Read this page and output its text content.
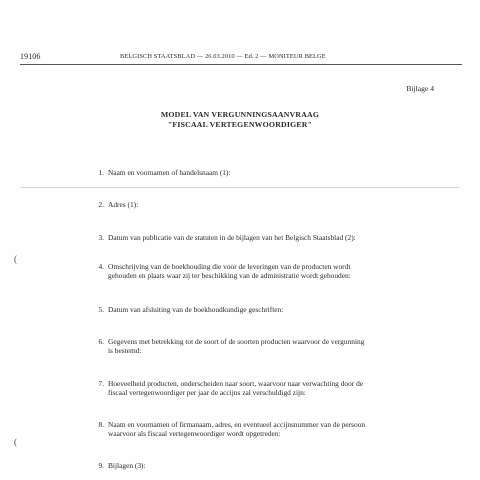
19106	BELGISCH STAATSBLAD — 26.03.2010 — Ed. 2 — MONITEUR BELGE
Bijlage 4
MODEL VAN VERGUNNINGSAANVRAAG
"FISCAAL VERTEGENWOORDIGER"
1. Naam en voornamen of handelsnaam (1):
2. Adres (1):
3. Datum van publicatie van de statuten in de bijlagen van het Belgisch Staatsblad (2):
(
4. Omschrijving van de boekhouding die voor de leveringen van de producten wordt
gehouden en plaats waar zij ter beschikking van de administratie wordt gehouden:
5. Datum van afsluiting van de boekhoudkundige geschriften:
6. Gegevens met betrekking tot de soort of de soorten producten waarvoor de vergunning
is bestemd:
7. Hoeveelheid producten, onderscheiden naar soort, waarvoor naar verwachting door de
fiscaal vertegenwoordiger per jaar de accijns zal verschuldigd zijn:
8. Naam en voornamen of firmanaam, adres, en eventueel accijnsnummer van de persoon
waarvoor als fiscaal vertegenwoordiger wordt opgetreden:
(
9. Bijlagen (3):
